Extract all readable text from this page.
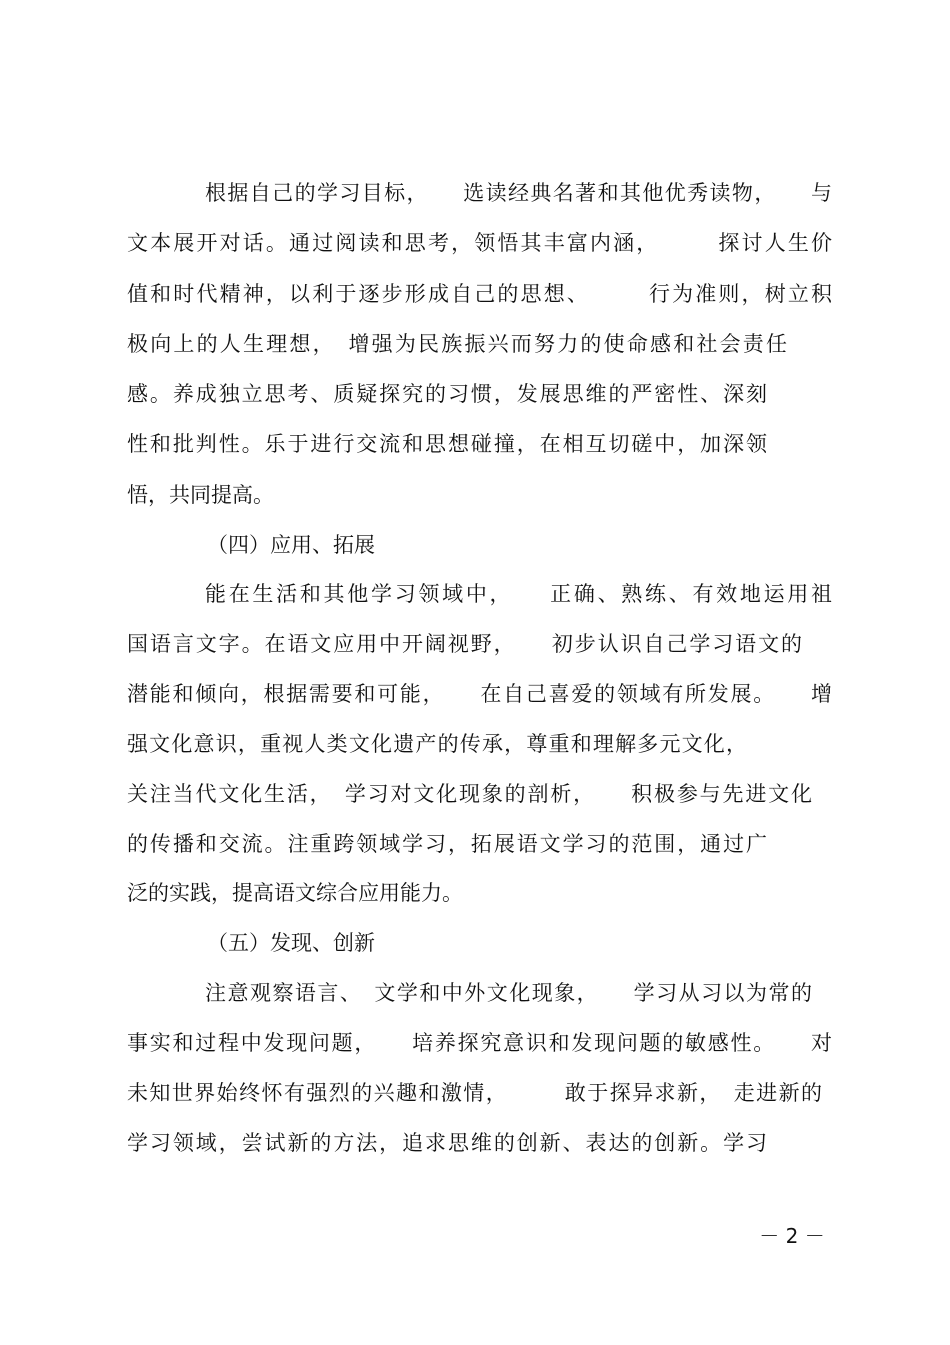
根据自己的学习目标，　　选读经典名著和其他优秀读物，　　与
文本展开对话。通过阅读和思考，领悟其丰富内涵，　　　探讨人生价
值和时代精神，以利于逐步形成自己的思想、　　　行为准则，树立积
极向上的人生理想，　增强为民族振兴而努力的使命感和社会责任
感。养成独立思考、质疑探究的习惯，发展思维的严密性、深刻
性和批判性。乐于进行交流和思想碰撞，在相互切磋中，加深领
悟，共同提高。
（四）应用、拓展
能在生活和其他学习领域中，　　正确、熟练、有效地运用祖
国语言文字。在语文应用中开阔视野，　　初步认识自己学习语文的
潜能和倾向，根据需要和可能，　　在自己喜爱的领域有所发展。　　增
强文化意识，重视人类文化遗产的传承，尊重和理解多元文化，
关注当代文化生活，　学习对文化现象的剖析，　　积极参与先进文化
的传播和交流。注重跨领域学习，拓展语文学习的范围，通过广
泛的实践，提高语文综合应用能力。
（五）发现、创新
注意观察语言、　文学和中外文化现象，　　学习从习以为常的
事实和过程中发现问题，　　培养探究意识和发现问题的敏感性。　　对
未知世界始终怀有强烈的兴趣和激情，　　　敢于探异求新，　走进新的
学习领域，尝试新的方法，追求思维的创新、表达的创新。学习
－ 2 －
